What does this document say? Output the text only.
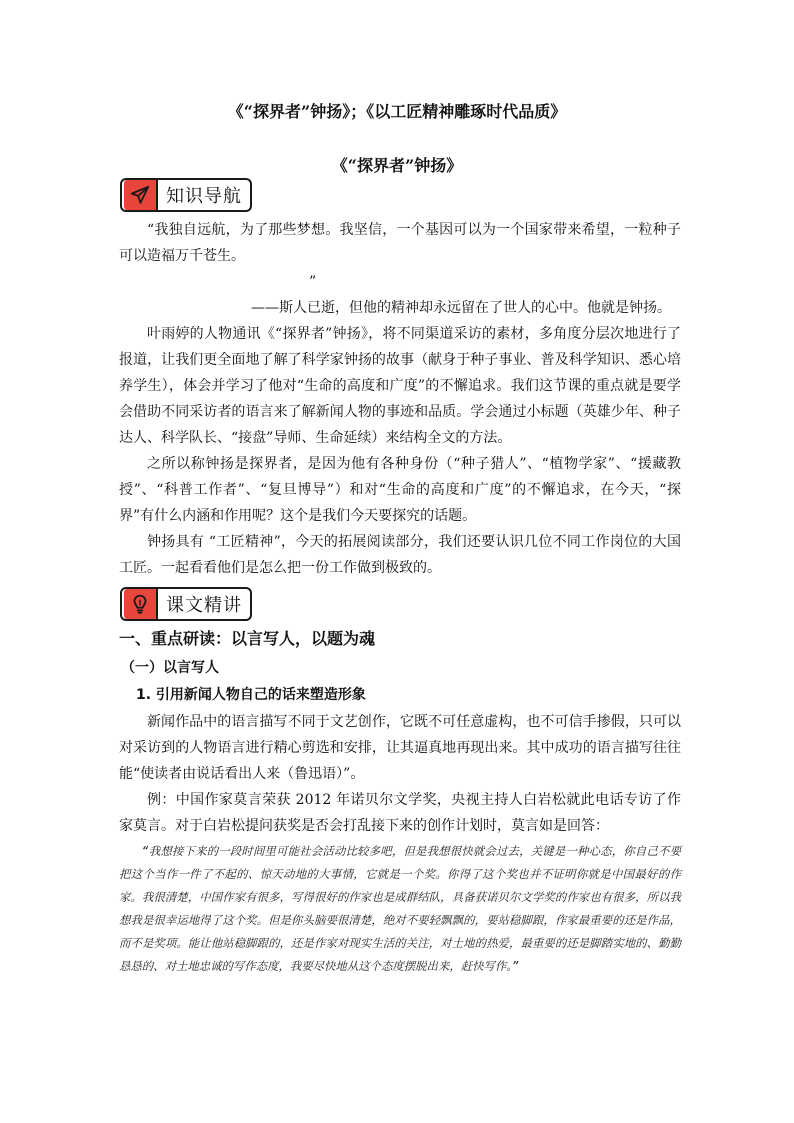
《“探界者”钟扬》；《以工匠精神雕琢时代品质》
《“探界者”钟扬》
知识导航

“我独自远航，为了那些梦想。我坚信，一个基因可以为一个国家带来希望，一粒种子可以造福万千苍生。

”

——斯人已逝，但他的精神却永远留在了世人的心中。他就是钟扬。

叶雨婷的人物通讯《“探界者”钟扬》，将不同渠道采访的素材，多角度分层次地进行了报道，让我们更全面地了解了科学家钟扬的故事（献身于种子事业、普及科学知识、悉心培养学生），体会并学习了他对“生命的高度和广度”的不懈追求。我们这节课的重点就是要学会借助不同采访者的语言来了解新闻人物的事迹和品质。学会通过小标题（英雄少年、种子达人、科学队长、“接盘”导师、生命延续）来结构全文的方法。

之所以称钟扬是探界者，是因为他有各种身份（“种子猎人”、“植物学家”、“援藏教授”、“科普工作者”、“复旦博导”）和对“生命的高度和广度”的不懈追求，在今天，“探界”有什么内涵和作用呢？这个是我们今天要探究的话题。

钟扬具有 “工匠精神”，今天的拓展阅读部分，我们还要认识几位不同工作岗位的大国工匠。一起看看他们是怎么把一份工作做到极致的。

课文精讲
一、重点研读：以言写人，以题为魂
（一）以言写人
1. 引用新闻人物自己的话来塑造形象

新闻作品中的语言描写不同于文艺创作，它既不可任意虚构，也不可信手掺假，只可以对采访到的人物语言进行精心剪选和安排，让其逼真地再现出来。其中成功的语言描写往往能“使读者由说话看出人来（鲁迅语）”。

例：中国作家莫言荣获 2012 年诺贝尔文学奖，央视主持人白岩松就此电话专访了作家莫言。对于白岩松提问获奖是否会打乱接下来的创作计划时，莫言如是回答：

“我想接下来的一段时间里可能社会活动比较多吧，但是我想很快就会过去，关键是一种心态，你自己不要把这个当作一件了不起的、惊天动地的大事情，它就是一个奖。你得了这个奖也并不证明你就是中国最好的作家。我很清楚，中国作家有很多，写得很好的作家也是成群结队，具备获诺贝尔文学奖的作家也有很多，所以我想我是很幸运地得了这个奖。但是你头脑要很清楚，绝对不要轻飘飘的，要站稳脚跟，作家最重要的还是作品，而不是奖项。能让他站稳脚跟的，还是作家对现实生活的关注，对土地的热爱，最重要的还是脚踏实地的、勤勤恳恳的、对土地忠诚的写作态度，我要尽快地从这个态度摆脱出来，赶快写作。”
